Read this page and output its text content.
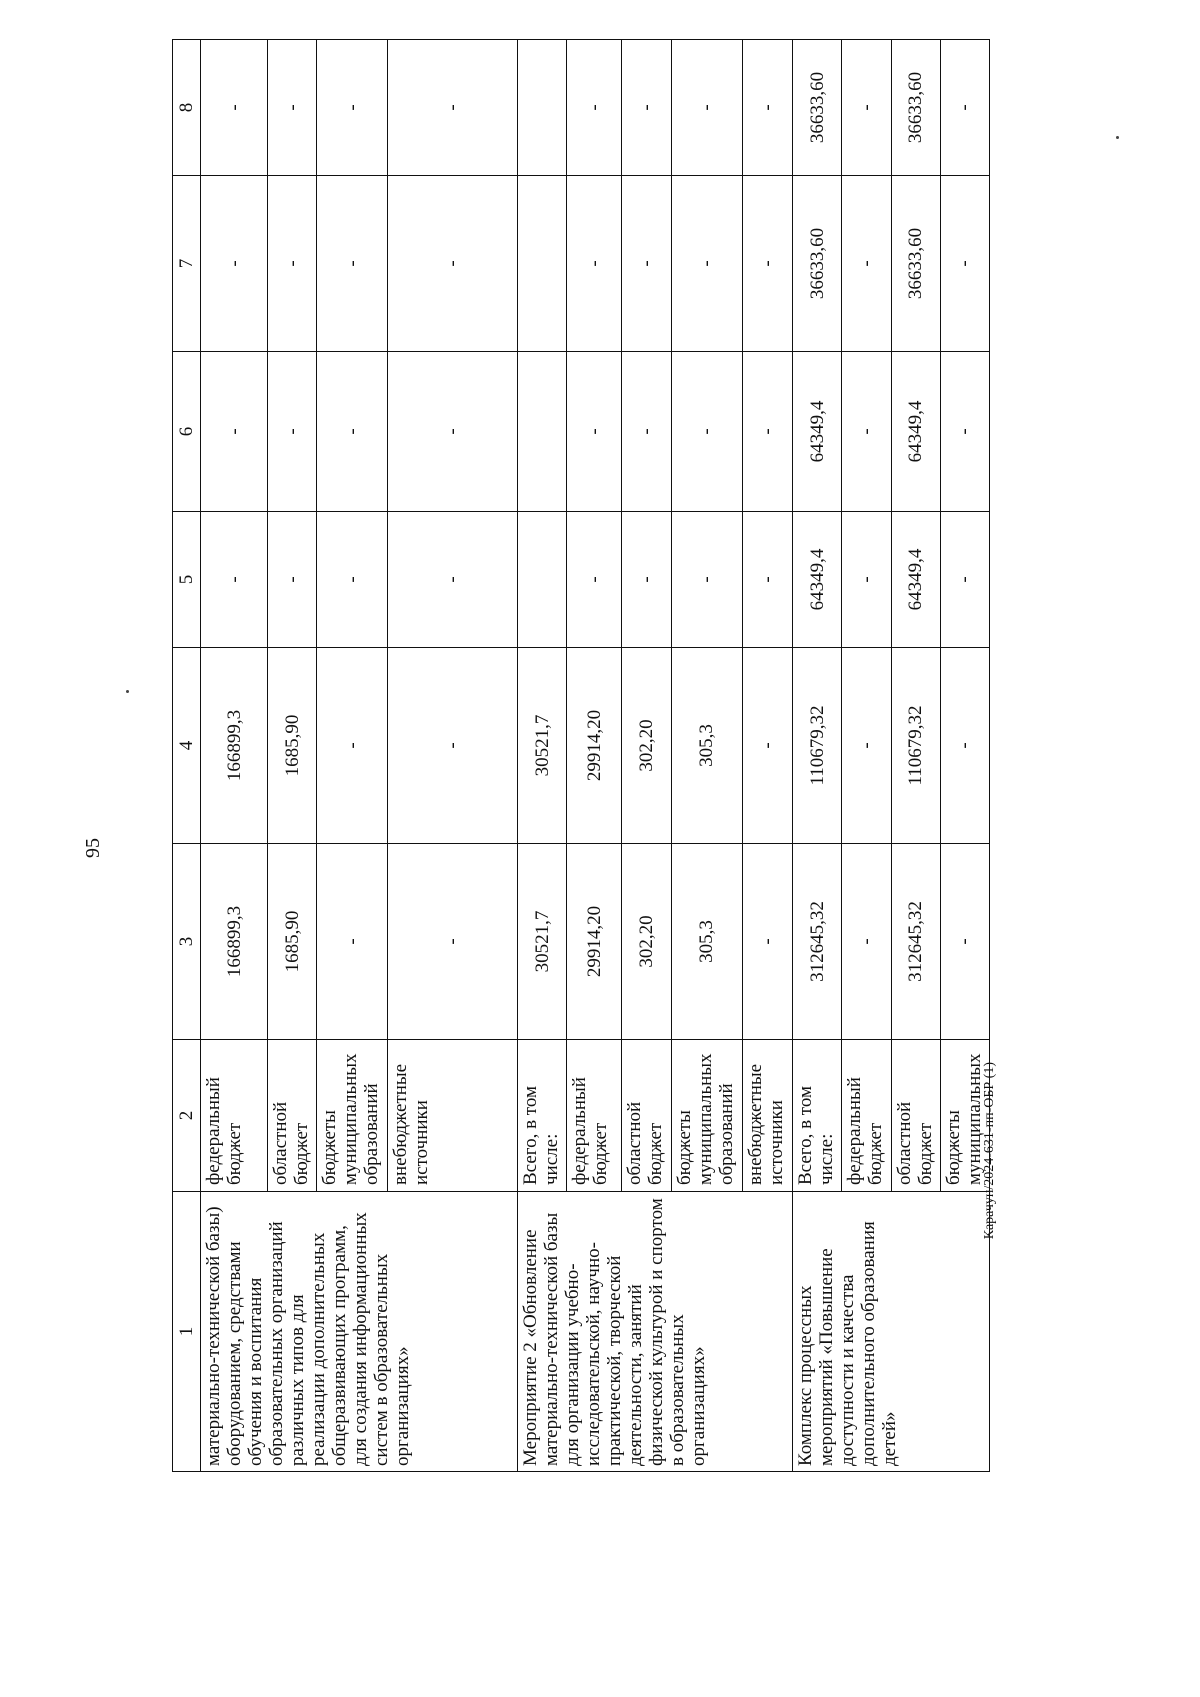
95
Карачун/2024-631-пп-ОБР (1)
1	2	3	4	5	6	7	8
материально-технической базы) оборудованием, средствами обучения и воспитания образовательных организаций различных типов для реализации дополнительных общеразвивающих программ, для создания информационных систем в образовательных организациях»	федеральный бюджет	166899,3	166899,3	-	-	-	-
	областной бюджет	1685,90	1685,90	-	-	-	-
	бюджеты муниципальных образований	-	-	-	-	-	-
	внебюджетные источники	-	-	-	-	-	-
Мероприятие 2 «Обновление материально-технической базы для организации учебно-исследовательской, научно-практической, творческой деятельности, занятий физической культурой и спортом в образовательных организациях»	Всего, в том числе:	30521,7	30521,7				
	федеральный бюджет	29914,20	29914,20	-	-	-	-
	областной бюджет	302,20	302,20	-	-	-	-
	бюджеты муниципальных образований	305,3	305,3	-	-	-	-
	внебюджетные источники	-	-	-	-	-	-
Комплекс процессных мероприятий «Повышение доступности и качества дополнительного образования детей»	Всего, в том числе:	312645,32	110679,32	64349,4	64349,4	36633,60	36633,60
	федеральный бюджет	-	-	-	-	-	-
	областной бюджет	312645,32	110679,32	64349,4	64349,4	36633,60	36633,60
	бюджеты муниципальных	-	-	-	-	-	-
